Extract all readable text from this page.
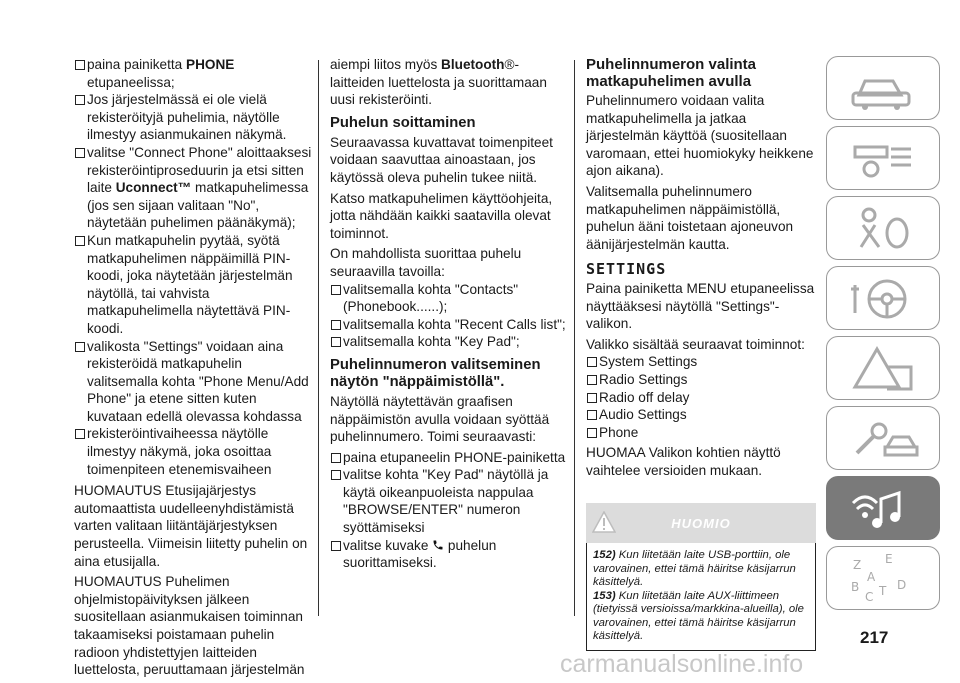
paina painiketta PHONE etupaneelissa;

Jos järjestelmässä ei ole vielä rekisteröityjä puhelimia, näytölle ilmestyy asianmukainen näkymä.

valitse "Connect Phone" aloittaaksesi rekisteröintiproseduurin ja etsi sitten laite Uconnect™ matkapuhelimessa (jos sen sijaan valitaan "No", näytetään puhelimen päänäkymä);

Kun matkapuhelin pyytää, syötä matkapuhelimen näppäimillä PIN-koodi, joka näytetään järjestelmän näytöllä, tai vahvista matkapuhelimella näytettävä PIN-koodi.

valikosta "Settings" voidaan aina rekisteröidä matkapuhelin valitsemalla kohta "Phone Menu/Add Phone" ja etene sitten kuten kuvataan edellä olevassa kohdassa

rekisteröintivaiheessa näytölle ilmestyy näkymä, joka osoittaa toimenpiteen etenemisvaiheen

HUOMAUTUS Etusijajärjestys automaattista uudelleenyhdistämistä varten valitaan liitäntäjärjestyksen perusteella. Viimeisin liitetty puhelin on aina etusijalla.

HUOMAUTUS Puhelimen ohjelmistopäivityksen jälkeen suositellaan asianmukaisen toiminnan takaamiseksi poistamaan puhelin radioon yhdistettyjen laitteiden luettelosta, peruuttamaan järjestelmän

aiempi liitos myös Bluetooth®-laitteiden luettelosta ja suorittamaan uusi rekisteröinti.

Puhelun soittaminen

Seuraavassa kuvattavat toimenpiteet voidaan saavuttaa ainoastaan, jos käytössä oleva puhelin tukee niitä.

Katso matkapuhelimen käyttöohjeita, jotta nähdään kaikki saatavilla olevat toiminnot.

On mahdollista suorittaa puhelu seuraavilla tavoilla:

valitsemalla kohta "Contacts" (Phonebook......);

valitsemalla kohta "Recent Calls list";

valitsemalla kohta "Key Pad";

Puhelinnumeron valitseminen näytön "näppäimistöllä".

Näytöllä näytettävän graafisen näppäimistön avulla voidaan syöttää puhelinnumero. Toimi seuraavasti:

paina etupaneelin PHONE-painiketta

valitse kohta "Key Pad" näytöllä ja käytä oikeanpuoleista nappulaa "BROWSE/ENTER" numeron syöttämiseksi

valitse kuvake  puhelun suorittamiseksi.

Puhelinnumeron valinta matkapuhelimen avulla

Puhelinnumero voidaan valita matkapuhelimella ja jatkaa järjestelmän käyttöä (suositellaan varomaan, ettei huomiokyky heikkene ajon aikana).

Valitsemalla puhelinnumero matkapuhelimen näppäimistöllä, puhelun ääni toistetaan ajoneuvon äänijärjestelmän kautta.

SETTINGS

Paina painiketta MENU etupaneelissa näyttääksesi näytöllä "Settings"-valikon.

Valikko sisältää seuraavat toiminnot:

System Settings

Radio Settings

Radio off delay

Audio Settings

Phone

HUOMAA Valikon kohtien näyttö vaihtelee versioiden mukaan.

HUOMIO
152) Kun liitetään laite USB-porttiin, ole varovainen, ettei tämä häiritse käsijarrun käsittelyä.
153) Kun liitetään laite AUX-liittimeen (tietyissä versioissa/markkina-alueilla), ole varovainen, ettei tämä häiritse käsijarrun käsittelyä.
Z E
A
B
C T D
217
carmanualsonline.info
